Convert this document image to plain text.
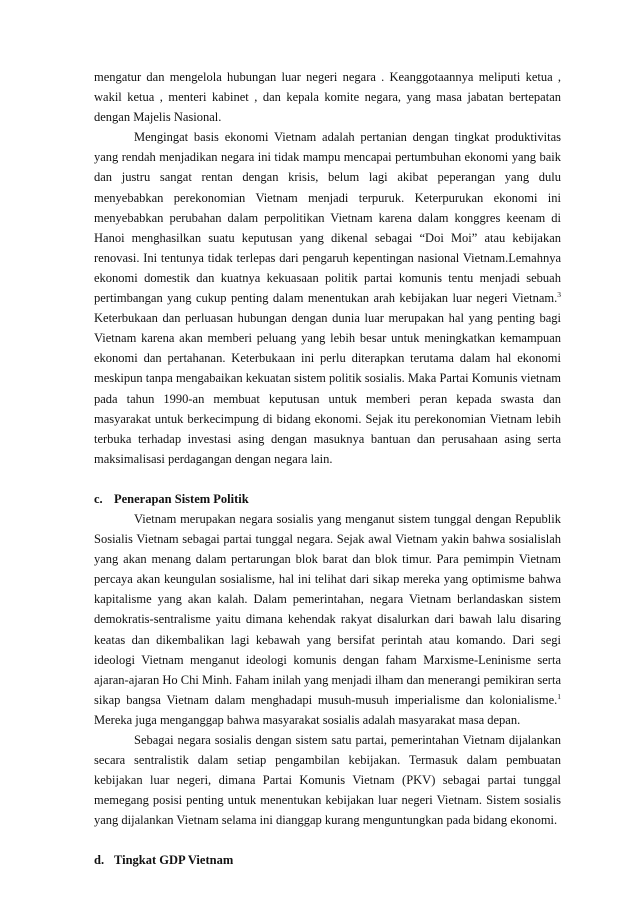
mengatur dan mengelola hubungan luar negeri negara . Keanggotaannya meliputi ketua , wakil ketua , menteri kabinet , dan kepala komite negara, yang masa jabatan bertepatan dengan Majelis Nasional.

Mengingat basis ekonomi Vietnam adalah pertanian dengan tingkat produktivitas yang rendah menjadikan negara ini tidak mampu mencapai pertumbuhan ekonomi yang baik dan justru sangat rentan dengan krisis, belum lagi akibat peperangan yang dulu menyebabkan perekonomian Vietnam menjadi terpuruk. Keterpurukan ekonomi ini menyebabkan perubahan dalam perpolitikan Vietnam karena dalam konggres keenam di Hanoi menghasilkan suatu keputusan yang dikenal sebagai “Doi Moi” atau kebijakan renovasi. Ini tentunya tidak terlepas dari pengaruh kepentingan nasional Vietnam.Lemahnya ekonomi domestik dan kuatnya kekuasaan politik partai komunis tentu menjadi sebuah pertimbangan yang cukup penting dalam menentukan arah kebijakan luar negeri Vietnam.$^3$ Keterbukaan dan perluasan hubungan dengan dunia luar merupakan hal yang penting bagi Vietnam karena akan memberi peluang yang lebih besar untuk meningkatkan kemampuan ekonomi dan pertahanan. Keterbukaan ini perlu diterapkan terutama dalam hal ekonomi meskipun tanpa mengabaikan kekuatan sistem politik sosialis. Maka Partai Komunis vietnam pada tahun 1990-an membuat keputusan untuk memberi peran kepada swasta dan masyarakat untuk berkecimpung di bidang ekonomi. Sejak itu perekonomian Vietnam lebih terbuka terhadap investasi asing dengan masuknya bantuan dan perusahaan asing serta maksimalisasi perdagangan dengan negara lain.

c. Penerapan Sistem Politik

Vietnam merupakan negara sosialis yang menganut sistem tunggal dengan Republik Sosialis Vietnam sebagai partai tunggal negara. Sejak awal Vietnam yakin bahwa sosialislah yang akan menang dalam pertarungan blok barat dan blok timur. Para pemimpin Vietnam percaya akan keungulan sosialisme, hal ini telihat dari sikap mereka yang optimisme bahwa kapitalisme yang akan kalah. Dalam pemerintahan, negara Vietnam berlandaskan sistem demokratis-sentralisme yaitu dimana kehendak rakyat disalurkan dari bawah lalu disaring keatas dan dikembalikan lagi kebawah yang bersifat perintah atau komando. Dari segi ideologi Vietnam menganut ideologi komunis dengan faham Marxisme-Leninisme serta ajaran-ajaran Ho Chi Minh. Faham inilah yang menjadi ilham dan menerangi pemikiran serta sikap bangsa Vietnam dalam menghadapi musuh-musuh imperialisme dan kolonialisme.$^1$ Mereka juga menganggap bahwa masyarakat sosialis adalah masyarakat masa depan.

Sebagai negara sosialis dengan sistem satu partai, pemerintahan Vietnam dijalankan secara sentralistik dalam setiap pengambilan kebijakan. Termasuk dalam pembuatan kebijakan luar negeri, dimana Partai Komunis Vietnam (PKV) sebagai partai tunggal memegang posisi penting untuk menentukan kebijakan luar negeri Vietnam. Sistem sosialis yang dijalankan Vietnam selama ini dianggap kurang menguntungkan pada bidang ekonomi.

d. Tingkat GDP Vietnam
